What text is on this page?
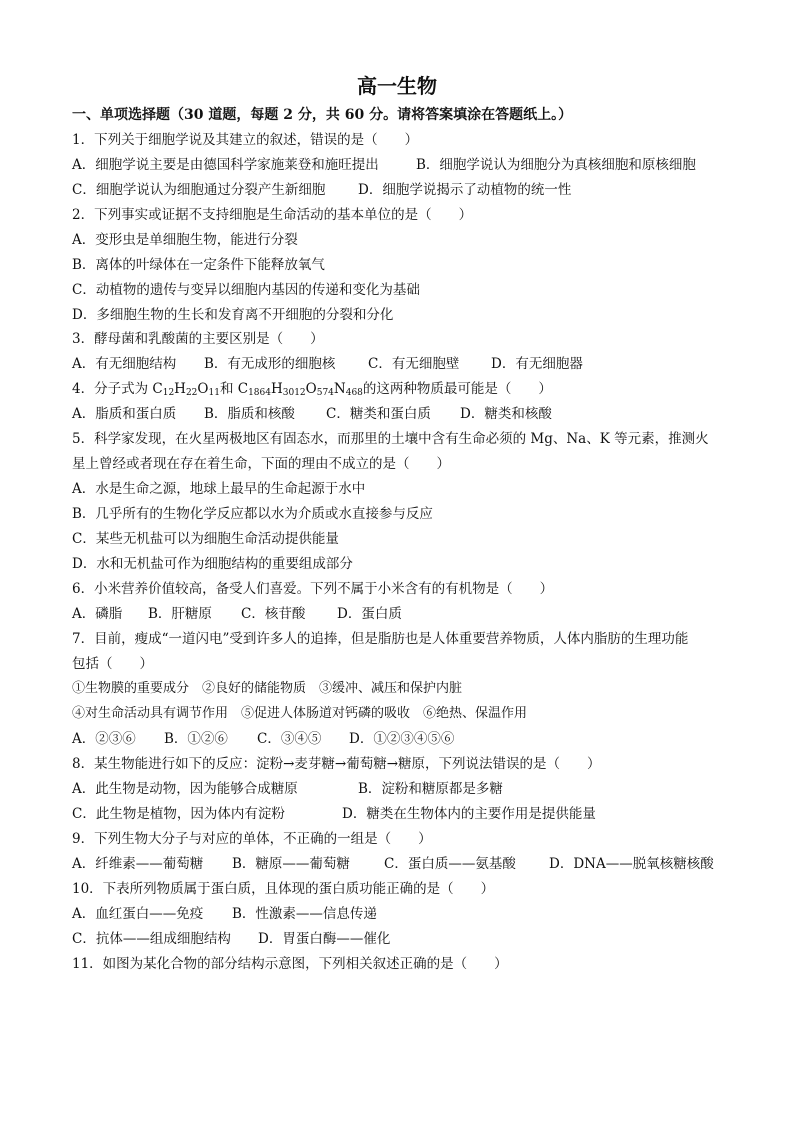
高一生物
一、单项选择题（30 道题，每题 2 分，共 60 分。请将答案填涂在答题纸上。）
1．下列关于细胞学说及其建立的叙述，错误的是（　　）
A．细胞学说主要是由德国科学家施莱登和施旺提出	B．细胞学说认为细胞分为真核细胞和原核细胞
C．细胞学说认为细胞通过分裂产生新细胞 D．细胞学说揭示了动植物的统一性
2．下列事实或证据不支持细胞是生命活动的基本单位的是（　　）
A．变形虫是单细胞生物，能进行分裂
B．离体的叶绿体在一定条件下能释放氧气
C．动植物的遗传与变异以细胞内基因的传递和变化为基础
D．多细胞生物的生长和发育离不开细胞的分裂和分化
3．酵母菌和乳酸菌的主要区别是（　　）
A．有无细胞结构 B．有无成形的细胞核 C．有无细胞壁 D．有无细胞器
4．分子式为 $C_{12}H_{22}O_{11}$和 $C_{1864}H_{3012}O_{574}N_{468}$的这两种物质最可能是（　　）
A．脂质和蛋白质 B．脂质和核酸 C．糖类和蛋白质 D．糖类和核酸
5．科学家发现，在火星两极地区有固态水，而那里的土壤中含有生命必须的 Mg、Na、K 等元素，推测火
星上曾经或者现在存在着生命，下面的理由不成立的是（　　）
A．水是生命之源，地球上最早的生命起源于水中
B．几乎所有的生物化学反应都以水为介质或水直接参与反应
C．某些无机盐可以为细胞生命活动提供能量
D．水和无机盐可作为细胞结构的重要组成部分
6．小米营养价值较高，备受人们喜爱。下列不属于小米含有的有机物是（　　）
A．磷脂 B．肝糖原 C．核苷酸 D．蛋白质
7．目前，瘦成“一道闪电”受到许多人的追捧，但是脂肪也是人体重要营养物质，人体内脂肪的生理功能
包括（　　）
①生物膜的重要成分　②良好的储能物质　③缓冲、减压和保护内脏
④对生命活动具有调节作用　⑤促进人体肠道对钙磷的吸收　⑥绝热、保温作用
A．②③⑥ B．①②⑥ C．③④⑤ D．①②③④⑤⑥
8．某生物能进行如下的反应：淀粉→麦芽糖→葡萄糖→糖原，下列说法错误的是（　　）
A．此生物是动物，因为能够合成糖原	B．淀粉和糖原都是多糖
C．此生物是植物，因为体内有淀粉	D．糖类在生物体内的主要作用是提供能量
9．下列生物大分子与对应的单体，不正确的一组是（　　）
A．纤维素——葡萄糖 B．糖原——葡萄糖	C．蛋白质——氨基酸 D．DNA——脱氧核糖核酸
10．下表所列物质属于蛋白质，且体现的蛋白质功能正确的是（　　）
A．血红蛋白——免疫 B．性激素——信息传递
C．抗体——组成细胞结构 D．胃蛋白酶——催化
11．如图为某化合物的部分结构示意图，下列相关叙述正确的是（　　）
